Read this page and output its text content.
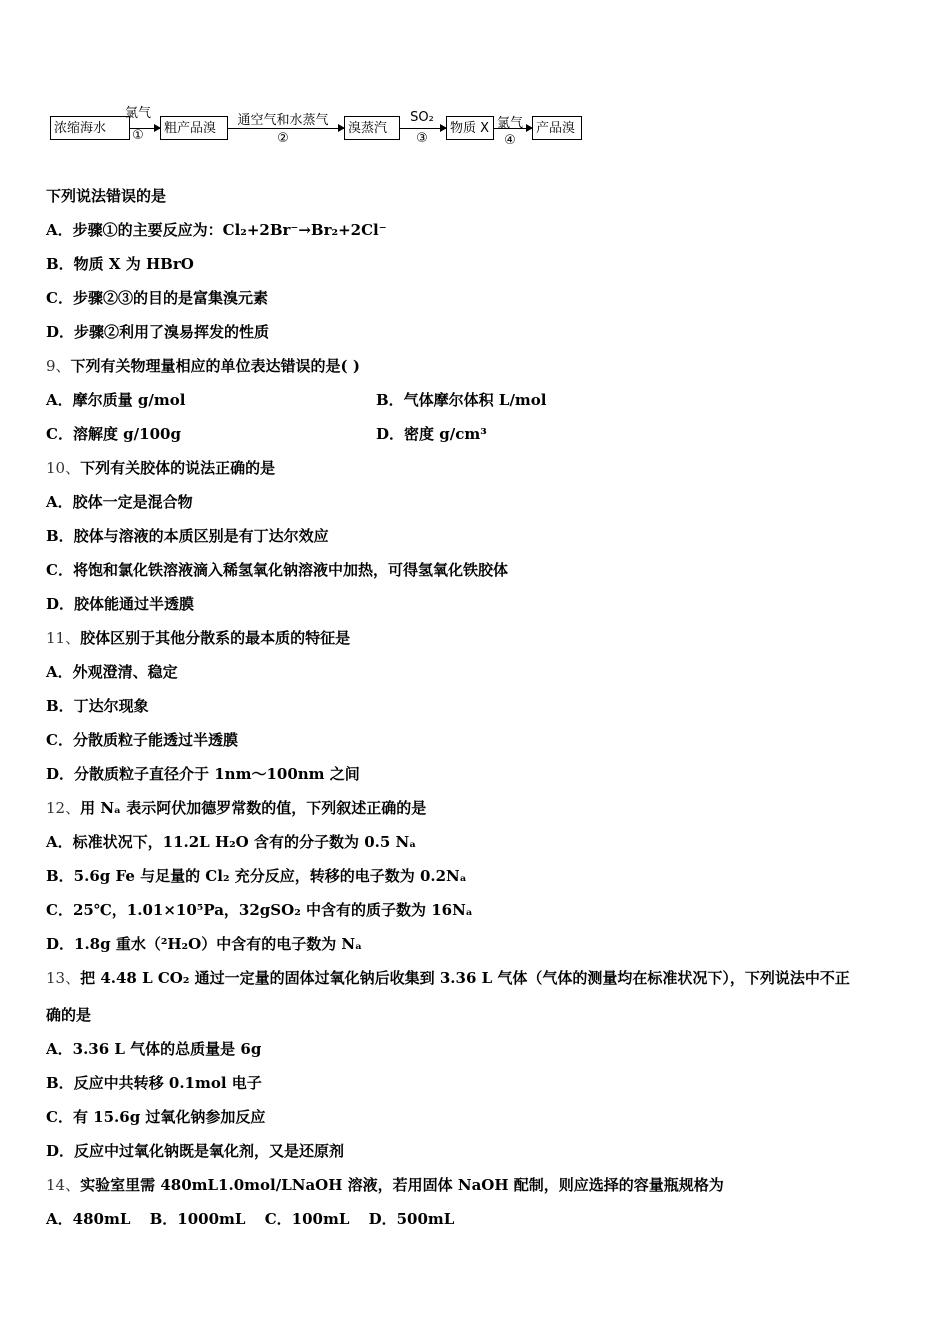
浓缩海水
氯气
①	粗产品溴
通空气和水蒸气
②
溴蒸汽
SO₂
③
物质 X 氯气
④
产品溴
下列说法错误的是
A．步骤①的主要反应为：Cl₂+2Br⁻→Br₂+2Cl⁻
B．物质 X 为 HBrO
C．步骤②③的目的是富集溴元素
D．步骤②利用了溴易挥发的性质
9、下列有关物理量相应的单位表达错误的是( )
A．摩尔质量 g/mol	B．气体摩尔体积 L/mol
C．溶解度 g/100g	D．密度 g/cm³
10、下列有关胶体的说法正确的是
A．胶体一定是混合物
B．胶体与溶液的本质区别是有丁达尔效应
C．将饱和氯化铁溶液滴入稀氢氧化钠溶液中加热，可得氢氧化铁胶体
D．胶体能通过半透膜
11、胶体区别于其他分散系的最本质的特征是
A．外观澄清、稳定
B．丁达尔现象
C．分散质粒子能透过半透膜
D．分散质粒子直径介于 1nm～100nm 之间
12、用 Nₐ 表示阿伏加德罗常数的值，下列叙述正确的是
A．标准状况下，11.2L H₂O 含有的分子数为 0.5 Nₐ
B．5.6g Fe 与足量的 Cl₂ 充分反应，转移的电子数为 0.2Nₐ
C．25℃，1.01×10⁵Pa，32gSO₂ 中含有的质子数为 16Nₐ
D．1.8g 重水（²H₂O）中含有的电子数为 Nₐ
13、把 4.48 L CO₂ 通过一定量的固体过氧化钠后收集到 3.36 L 气体（气体的测量均在标准状况下），下列说法中不正
确的是
A．3.36 L 气体的总质量是 6g
B．反应中共转移 0.1mol 电子
C．有 15.6g 过氧化钠参加反应
D．反应中过氧化钠既是氧化剂，又是还原剂
14、实验室里需 480mL1.0mol/LNaOH 溶液，若用固体 NaOH 配制，则应选择的容量瓶规格为
A．480mL B．1000mL C．100mL D．500mL
